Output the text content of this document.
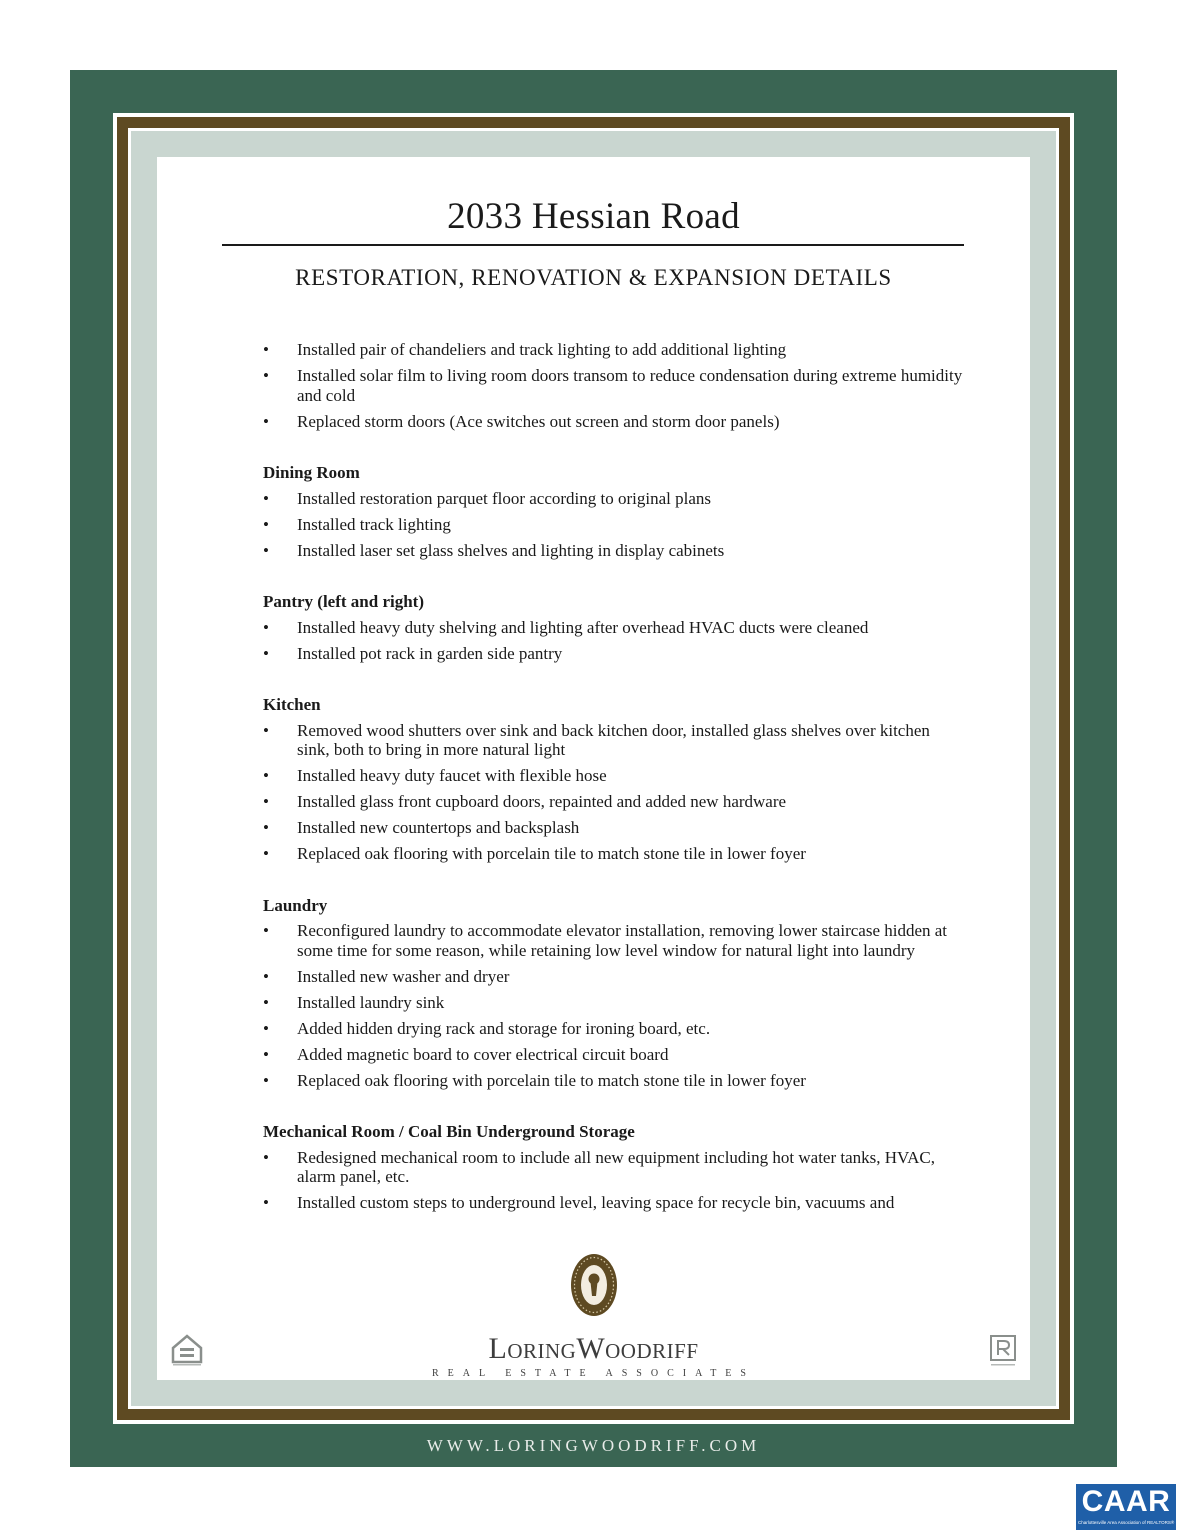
2033 Hessian Road
RESTORATION, RENOVATION & EXPANSION DETAILS
• Installed pair of chandeliers and track lighting to add additional lighting
• Installed solar film to living room doors transom to reduce condensation during extreme humidity and cold
• Replaced storm doors (Ace switches out screen and storm door panels)
Dining Room
• Installed restoration parquet floor according to original plans
• Installed track lighting
• Installed laser set glass shelves and lighting in display cabinets
Pantry (left and right)
• Installed heavy duty shelving and lighting after overhead HVAC ducts were cleaned
• Installed pot rack in garden side pantry
Kitchen
• Removed wood shutters over sink and back kitchen door, installed glass shelves over kitchen sink, both to bring in more natural light
• Installed heavy duty faucet with flexible hose
• Installed glass front cupboard doors, repainted and added new hardware
• Installed new countertops and backsplash
• Replaced oak flooring with porcelain tile to match stone tile in lower foyer
Laundry
• Reconfigured laundry to accommodate elevator installation, removing lower staircase hidden at some time for some reason, while retaining low level window for natural light into laundry
• Installed new washer and dryer
• Installed laundry sink
• Added hidden drying rack and storage for ironing board, etc.
• Added magnetic board to cover electrical circuit board
• Replaced oak flooring with porcelain tile to match stone tile in lower foyer
Mechanical Room / Coal Bin Underground Storage
• Redesigned mechanical room to include all new equipment including hot water tanks, HVAC, alarm panel, etc.
• Installed custom steps to underground level, leaving space for recycle bin, vacuums and
LoringWoodriff
REAL ESTATE ASSOCIATES
WWW.LORINGWOODRIFF.COM
CAAR
Charlottesville Area Association of REALTORS®
